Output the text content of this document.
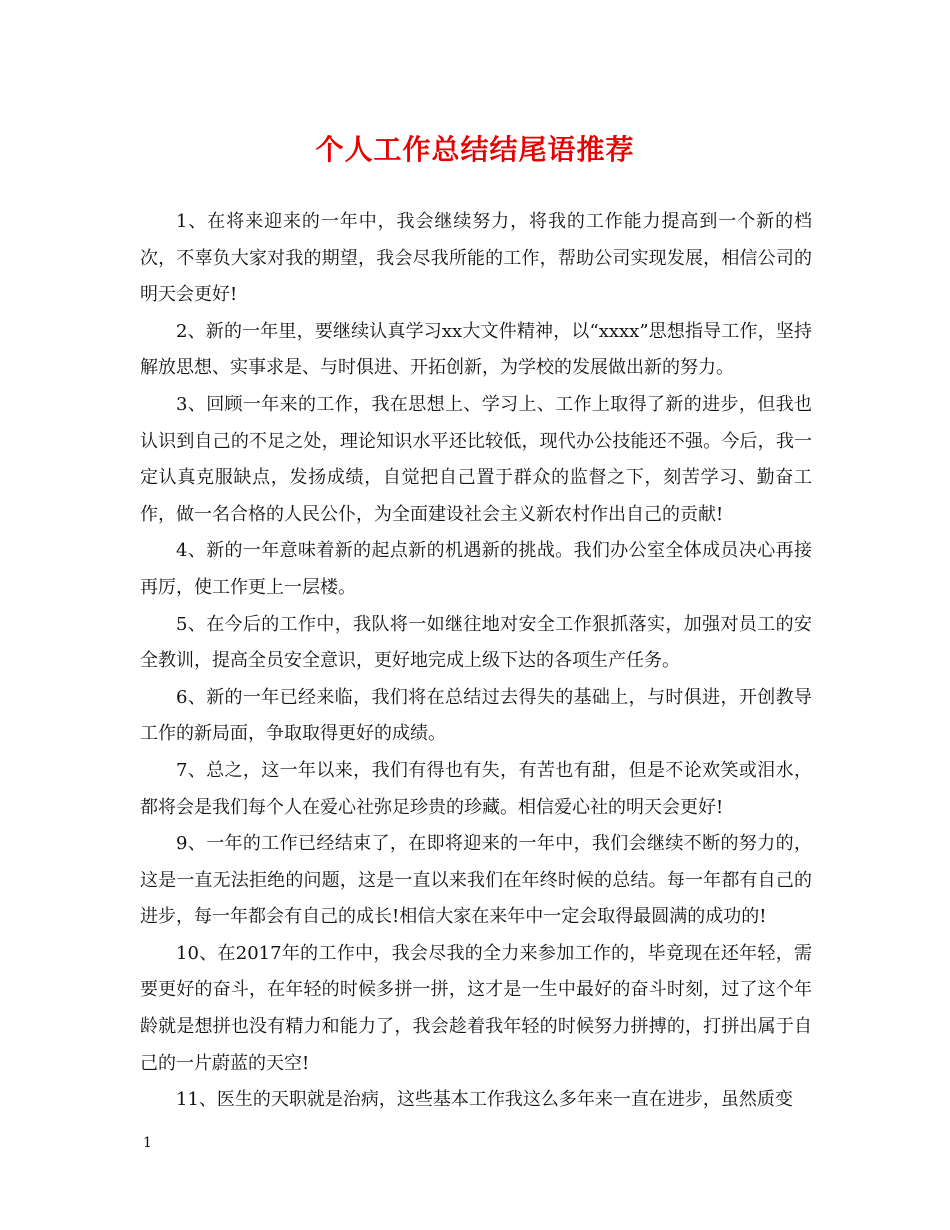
个人工作总结结尾语推荐

1、在将来迎来的一年中，我会继续努力，将我的工作能力提高到一个新的档次，不辜负大家对我的期望，我会尽我所能的工作，帮助公司实现发展，相信公司的明天会更好!

2、新的一年里，要继续认真学习xx大文件精神，以“xxxx”思想指导工作，坚持解放思想、实事求是、与时俱进、开拓创新，为学校的发展做出新的努力。

3、回顾一年来的工作，我在思想上、学习上、工作上取得了新的进步，但我也认识到自己的不足之处，理论知识水平还比较低，现代办公技能还不强。今后，我一定认真克服缺点，发扬成绩，自觉把自己置于群众的监督之下，刻苦学习、勤奋工作，做一名合格的人民公仆，为全面建设社会主义新农村作出自己的贡献!

4、新的一年意味着新的起点新的机遇新的挑战。我们办公室全体成员决心再接再厉，使工作更上一层楼。

5、在今后的工作中，我队将一如继往地对安全工作狠抓落实，加强对员工的安全教训，提高全员安全意识，更好地完成上级下达的各项生产任务。

6、新的一年已经来临，我们将在总结过去得失的基础上，与时俱进，开创教导工作的新局面，争取取得更好的成绩。

7、总之，这一年以来，我们有得也有失，有苦也有甜，但是不论欢笑或泪水，都将会是我们每个人在爱心社弥足珍贵的珍藏。相信爱心社的明天会更好!

9、一年的工作已经结束了，在即将迎来的一年中，我们会继续不断的努力的，这是一直无法拒绝的问题，这是一直以来我们在年终时候的总结。每一年都有自己的进步，每一年都会有自己的成长!相信大家在来年中一定会取得最圆满的成功的!

10、在2017年的工作中，我会尽我的全力来参加工作的，毕竟现在还年轻，需要更好的奋斗，在年轻的时候多拼一拼，这才是一生中最好的奋斗时刻，过了这个年龄就是想拼也没有精力和能力了，我会趁着我年轻的时候努力拼搏的，打拼出属于自己的一片蔚蓝的天空!

11、医生的天职就是治病，这些基本工作我这么多年来一直在进步，虽然质变

1
